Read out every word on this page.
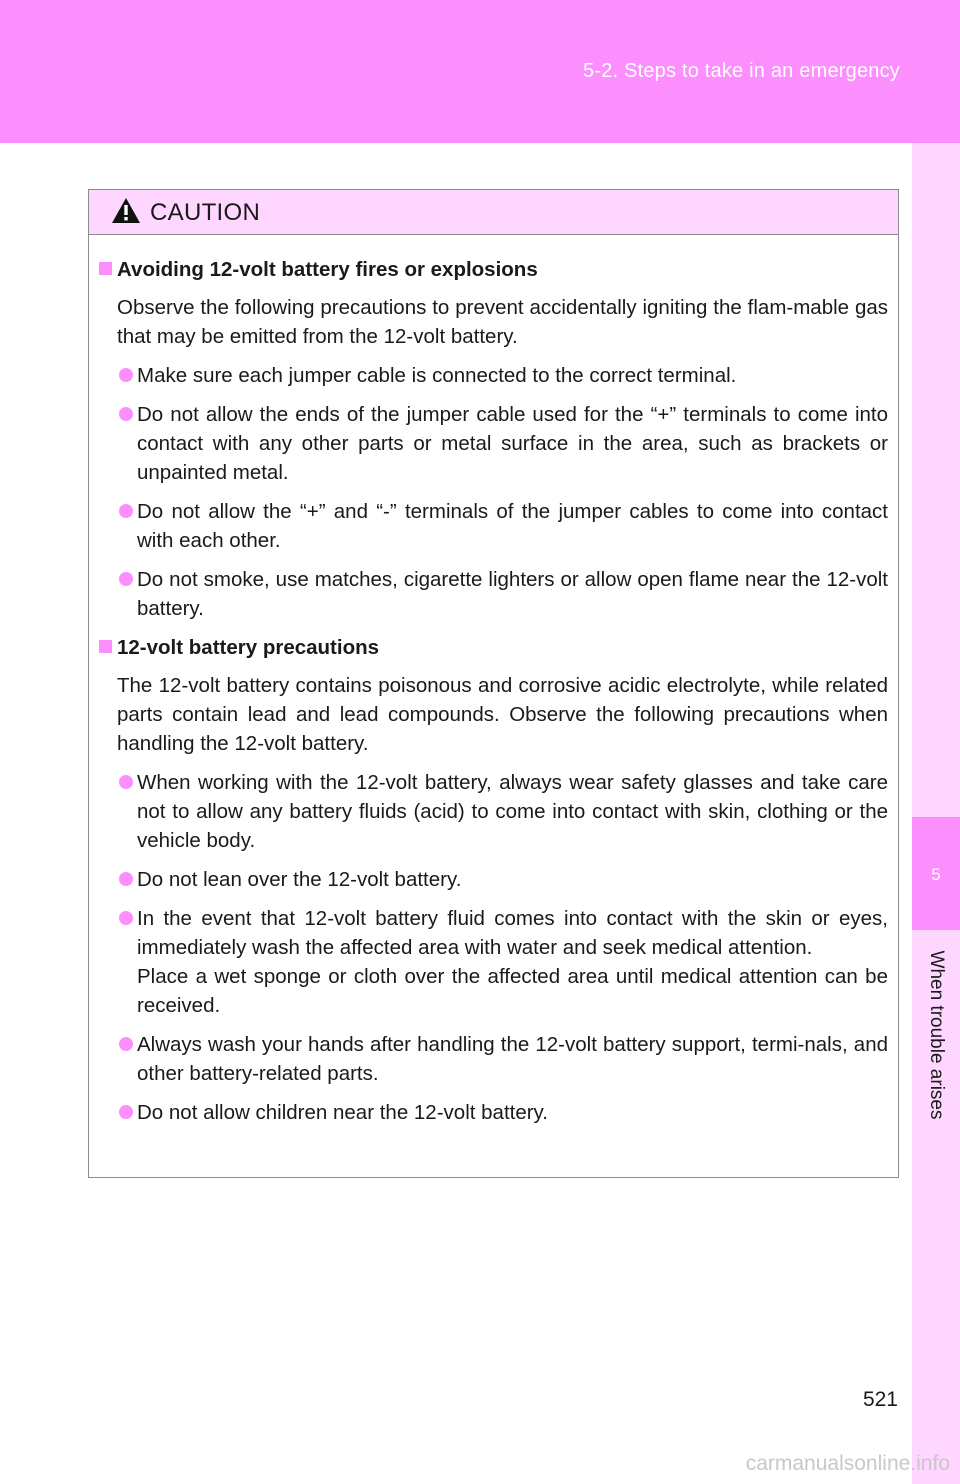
5-2. Steps to take in an emergency
5
When trouble arises
CAUTION
Avoiding 12-volt battery fires or explosions
Observe the following precautions to prevent accidentally igniting the flam-mable gas that may be emitted from the 12-volt battery.
Make sure each jumper cable is connected to the correct terminal.
Do not allow the ends of the jumper cable used for the “+” terminals to come into contact with any other parts or metal surface in the area, such as brackets or unpainted metal.
Do not allow the “+” and “-” terminals of the jumper cables to come into contact with each other.
Do not smoke, use matches, cigarette lighters or allow open flame near the 12-volt battery.
12-volt battery precautions
The 12-volt battery contains poisonous and corrosive acidic electrolyte, while related parts contain lead and lead compounds. Observe the following precautions when handling the 12-volt battery.
When working with the 12-volt battery, always wear safety glasses and take care not to allow any battery fluids (acid) to come into contact with skin, clothing or the vehicle body.
Do not lean over the 12-volt battery.
In the event that 12-volt battery fluid comes into contact with the skin or eyes, immediately wash the affected area with water and seek medical attention.
Place a wet sponge or cloth over the affected area until medical attention can be received.
Always wash your hands after handling the 12-volt battery support, termi-nals, and other battery-related parts.
Do not allow children near the 12-volt battery.
521
carmanualsonline.info
